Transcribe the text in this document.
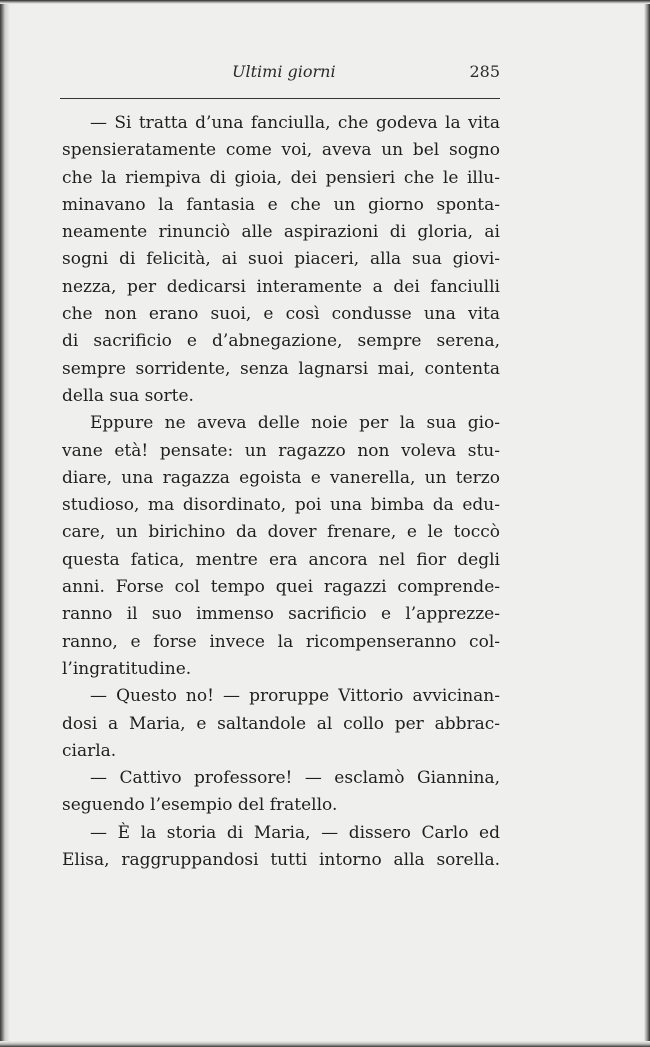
Ultimi giorni	285

— Si tratta d’una fanciulla, che godeva la vita
spensieratamente come voi, aveva un bel sogno
che la riempiva di gioia, dei pensieri che le illu-
minavano la fantasia e che un giorno sponta-
neamente rinunciò alle aspirazioni di gloria, ai
sogni di felicità, ai suoi piaceri, alla sua giovi-
nezza, per dedicarsi interamente a dei fanciulli
che non erano suoi, e così condusse una vita
di sacrificio e d’abnegazione, sempre serena,
sempre sorridente, senza lagnarsi mai, contenta
della sua sorte.

Eppure ne aveva delle noie per la sua gio-
vane età! pensate: un ragazzo non voleva stu-
diare, una ragazza egoista e vanerella, un terzo
studioso, ma disordinato, poi una bimba da edu-
care, un birichino da dover frenare, e le toccò
questa fatica, mentre era ancora nel fior degli
anni. Forse col tempo quei ragazzi comprende-
ranno il suo immenso sacrificio e l’apprezze-
ranno, e forse invece la ricompenseranno col-
l’ingratitudine.

— Questo no! — proruppe Vittorio avvicinan-
dosi a Maria, e saltandole al collo per abbrac-
ciarla.

— Cattivo professore! — esclamò Giannina,
seguendo l’esempio del fratello.

— È la storia di Maria, — dissero Carlo ed
Elisa, raggruppandosi tutti intorno alla sorella.
